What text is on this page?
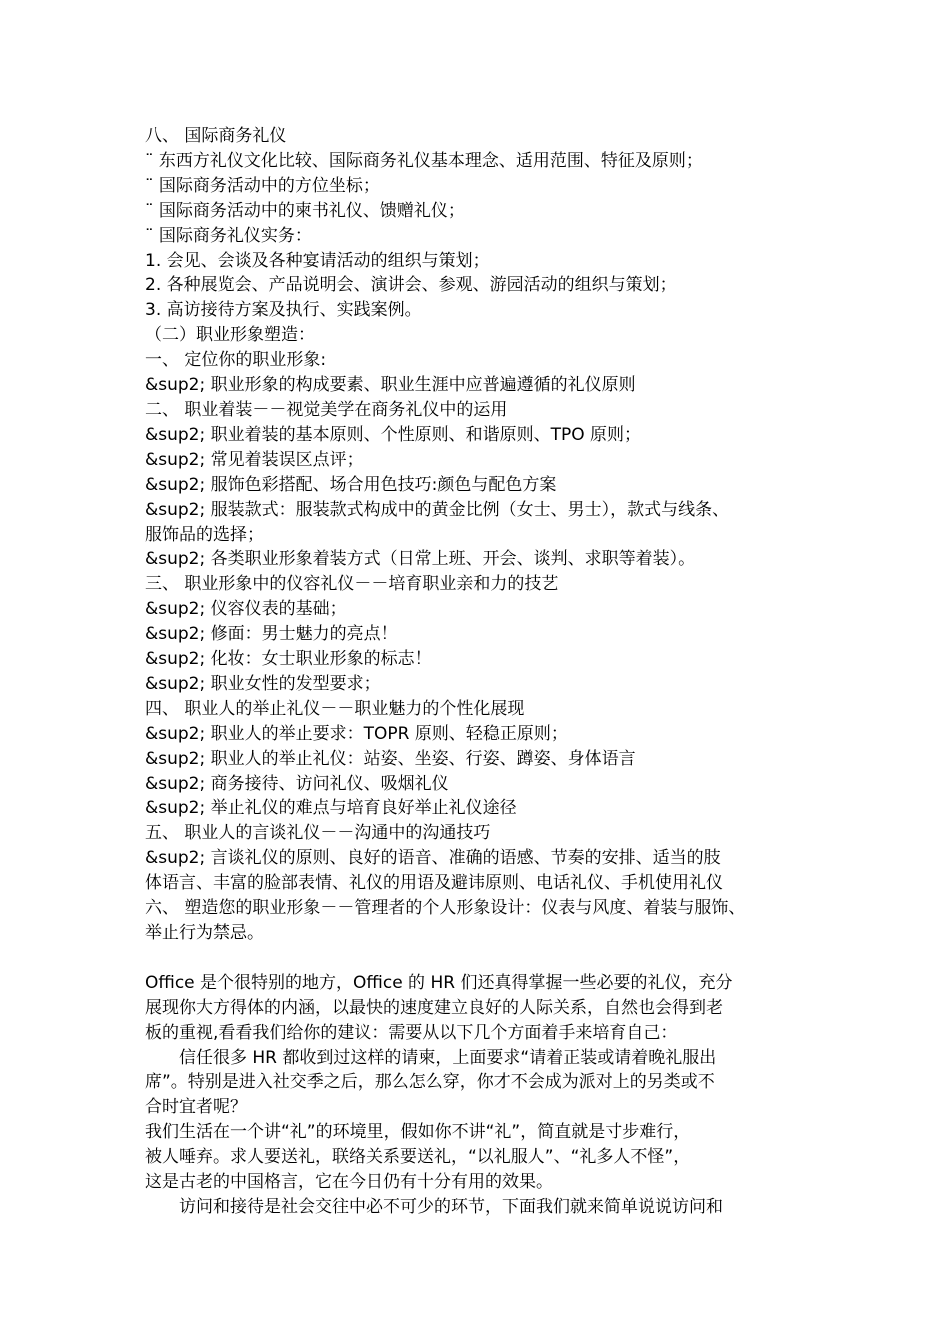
八、 国际商务礼仪
¨ 东西方礼仪文化比较、国际商务礼仪基本理念、适用范围、特征及原则；
¨ 国际商务活动中的方位坐标；
¨ 国际商务活动中的柬书礼仪、馈赠礼仪；
¨ 国际商务礼仪实务：
1. 会见、会谈及各种宴请活动的组织与策划；
2. 各种展览会、产品说明会、演讲会、参观、游园活动的组织与策划；
3. 高访接待方案及执行、实践案例。
（二）职业形象塑造：
一、 定位你的职业形象:
&sup2; 职业形象的构成要素、职业生涯中应普遍遵循的礼仪原则
二、 职业着装－－视觉美学在商务礼仪中的运用
&sup2; 职业着装的基本原则、个性原则、和谐原则、TPO 原则；
&sup2; 常见着装误区点评；
&sup2; 服饰色彩搭配、场合用色技巧:颜色与配色方案
&sup2; 服装款式：服装款式构成中的黄金比例（女士、男士），款式与线条、
服饰品的选择；
&sup2; 各类职业形象着装方式（日常上班、开会、谈判、求职等着装）。
三、 职业形象中的仪容礼仪－－培育职业亲和力的技艺
&sup2; 仪容仪表的基础；
&sup2; 修面：男士魅力的亮点！
&sup2; 化妆：女士职业形象的标志！
&sup2; 职业女性的发型要求；
四、 职业人的举止礼仪－－职业魅力的个性化展现
&sup2; 职业人的举止要求：TOPR 原则、轻稳正原则；
&sup2; 职业人的举止礼仪：站姿、坐姿、行姿、蹲姿、身体语言
&sup2; 商务接待、访问礼仪、吸烟礼仪
&sup2; 举止礼仪的难点与培育良好举止礼仪途径
五、 职业人的言谈礼仪－－沟通中的沟通技巧
&sup2; 言谈礼仪的原则、良好的语音、准确的语感、节奏的安排、适当的肢
体语言、丰富的脸部表情、礼仪的用语及避讳原则、电话礼仪、手机使用礼仪
六、 塑造您的职业形象－－管理者的个人形象设计：仪表与风度、着装与服饰、
举止行为禁忌。
Office 是个很特别的地方，Office 的 HR 们还真得掌握一些必要的礼仪，充分
展现你大方得体的内涵，以最快的速度建立良好的人际关系，自然也会得到老
板的重视,看看我们给你的建议：需要从以下几个方面着手来培育自己：
信任很多 HR 都收到过这样的请柬，上面要求“请着正装或请着晚礼服出
席”。特别是进入社交季之后，那么怎么穿，你才不会成为派对上的另类或不
合时宜者呢？
我们生活在一个讲“礼”的环境里，假如你不讲“礼”，简直就是寸步难行，
被人唾弃。求人要送礼，联络关系要送礼，“以礼服人”、“礼多人不怪”，
这是古老的中国格言，它在今日仍有十分有用的效果。
访问和接待是社会交往中必不可少的环节，下面我们就来简单说说访问和
